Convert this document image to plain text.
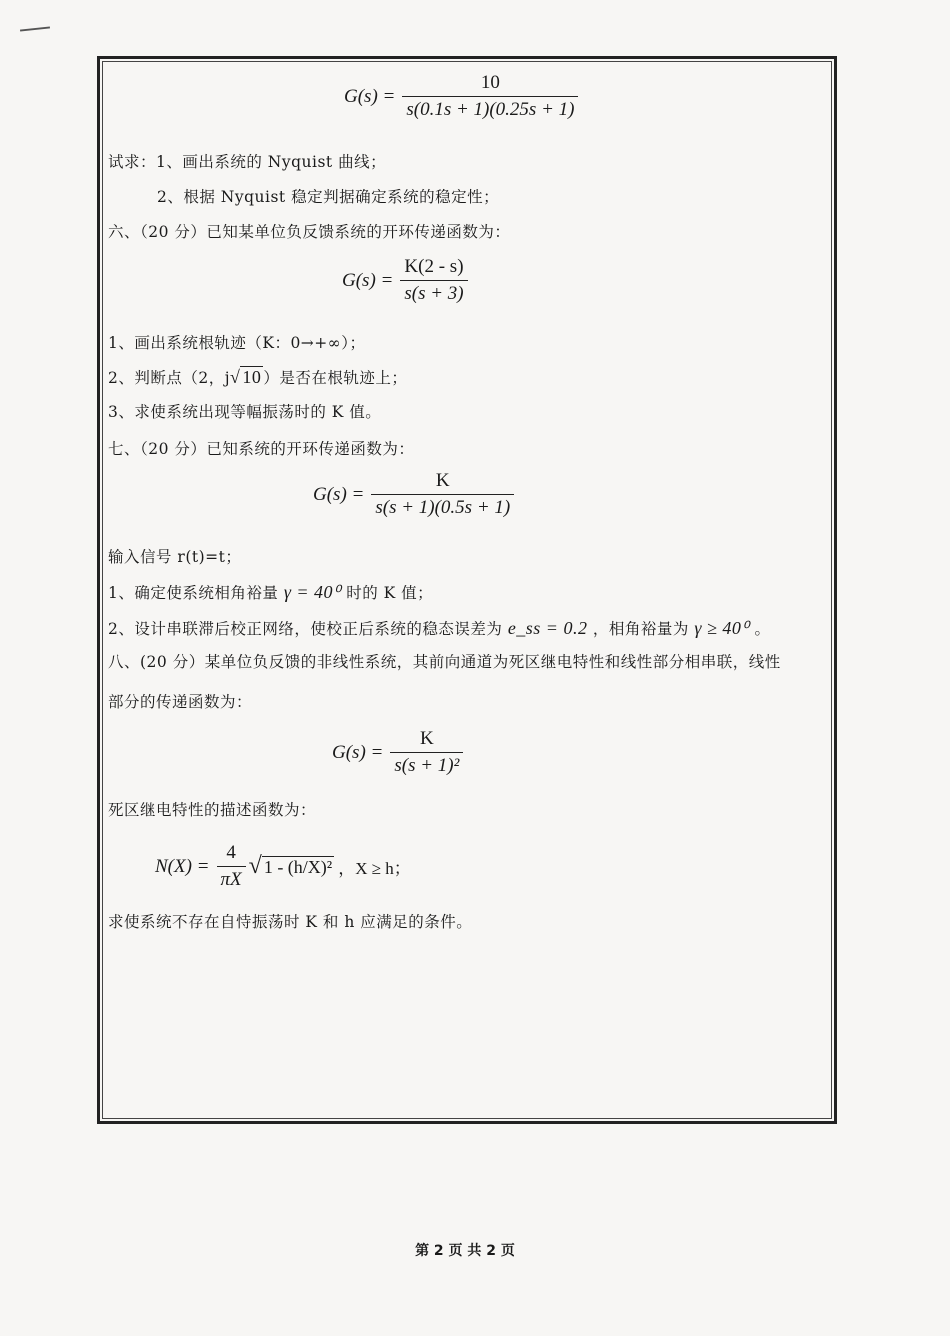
$G(s) = \frac{10}{s(0.1s + 1)(0.25s + 1)}$
试求：1、画出系统的 Nyquist 曲线；
2、根据 Nyquist 稳定判据确定系统的稳定性；
六、（20 分）已知某单位负反馈系统的开环传递函数为：
$G(s) = \frac{K(2 - s)}{s(s + 3)}$
1、画出系统根轨迹（K：0→+∞）；
2、判断点（2，j √ 10 ）是否在根轨迹上；
3、求使系统出现等幅振荡时的 K 值。
七、（20 分）已知系统的开环传递函数为：
$G(s) = \frac{K}{s(s + 1)(0.5s + 1)}$
输入信号 r(t)=t；
1、确定使系统相角裕量 γ = 40⁰ 时的 K 值；
2、设计串联滞后校正网络，使校正后系统的稳态误差为 e_ss = 0.2 ，相角裕量为 γ ≥ 40⁰ 。
八、(20 分）某单位负反馈的非线性系统，其前向通道为死区继电特性和线性部分相串联，线性
部分的传递函数为：
$G(s) = \frac{K}{\text{s(s + 1)²}}$
死区继电特性的描述函数为：
$N(X) = \frac{4}{\pi X}$ √ 1 - (h/X)² ，X ≥ h；
求使系统不存在自恃振荡时 K 和 h 应满足的条件。
第 2 页 共 2 页
